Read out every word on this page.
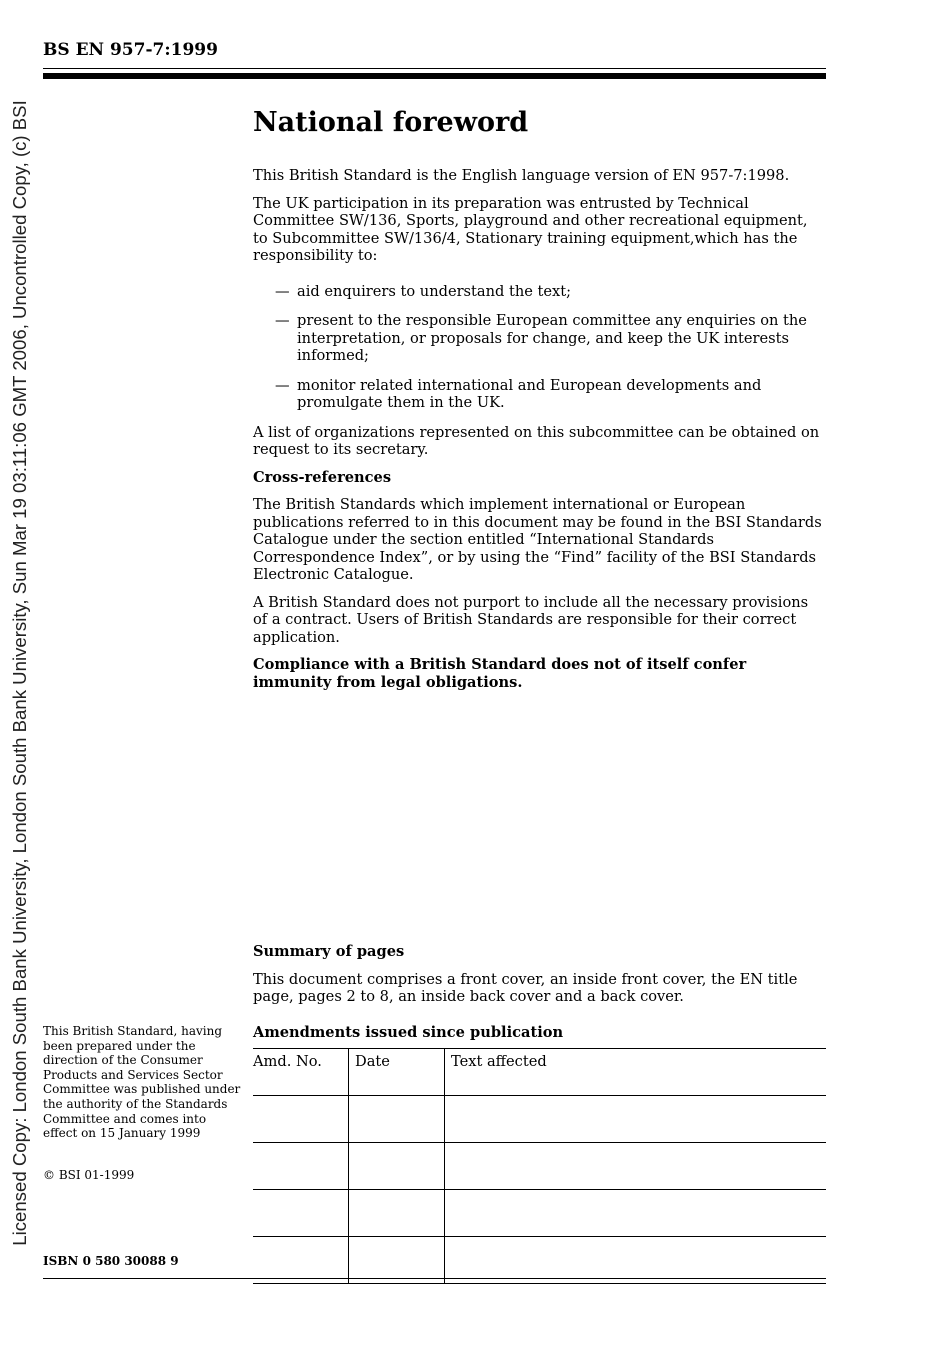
Licensed Copy: London South Bank University, London South Bank University, Sun Mar 19 03:11:06 GMT 2006, Uncontrolled Copy, (c) BSI
BS EN 957-7:1999
National foreword

This British Standard is the English language version of EN 957-7:1998.

The UK participation in its preparation was entrusted by Technical Committee SW/136, Sports, playground and other recreational equipment, to Subcommittee SW/136/4, Stationary training equipment,which has the responsibility to:

— aid enquirers to understand the text;
— present to the responsible European committee any enquiries on the interpretation, or proposals for change, and keep the UK interests informed;
— monitor related international and European developments and promulgate them in the UK.

A list of organizations represented on this subcommittee can be obtained on request to its secretary.

Cross-references

The British Standards which implement international or European publications referred to in this document may be found in the BSI Standards Catalogue under the section entitled “International Standards Correspondence Index”, or by using the “Find” facility of the BSI Standards Electronic Catalogue.

A British Standard does not purport to include all the necessary provisions of a contract. Users of British Standards are responsible for their correct application.

Compliance with a British Standard does not of itself confer immunity from legal obligations.

Summary of pages

This document comprises a front cover, an inside front cover, the EN title page, pages 2 to 8, an inside back cover and a back cover.

Amendments issued since publication
Amd. No.	Date	Text affected

This British Standard, having been prepared under the direction of the Consumer Products and Services Sector Committee was published under the authority of the Standards Committee and comes into effect on 15 January 1999
© BSI 01-1999
ISBN 0 580 30088 9
